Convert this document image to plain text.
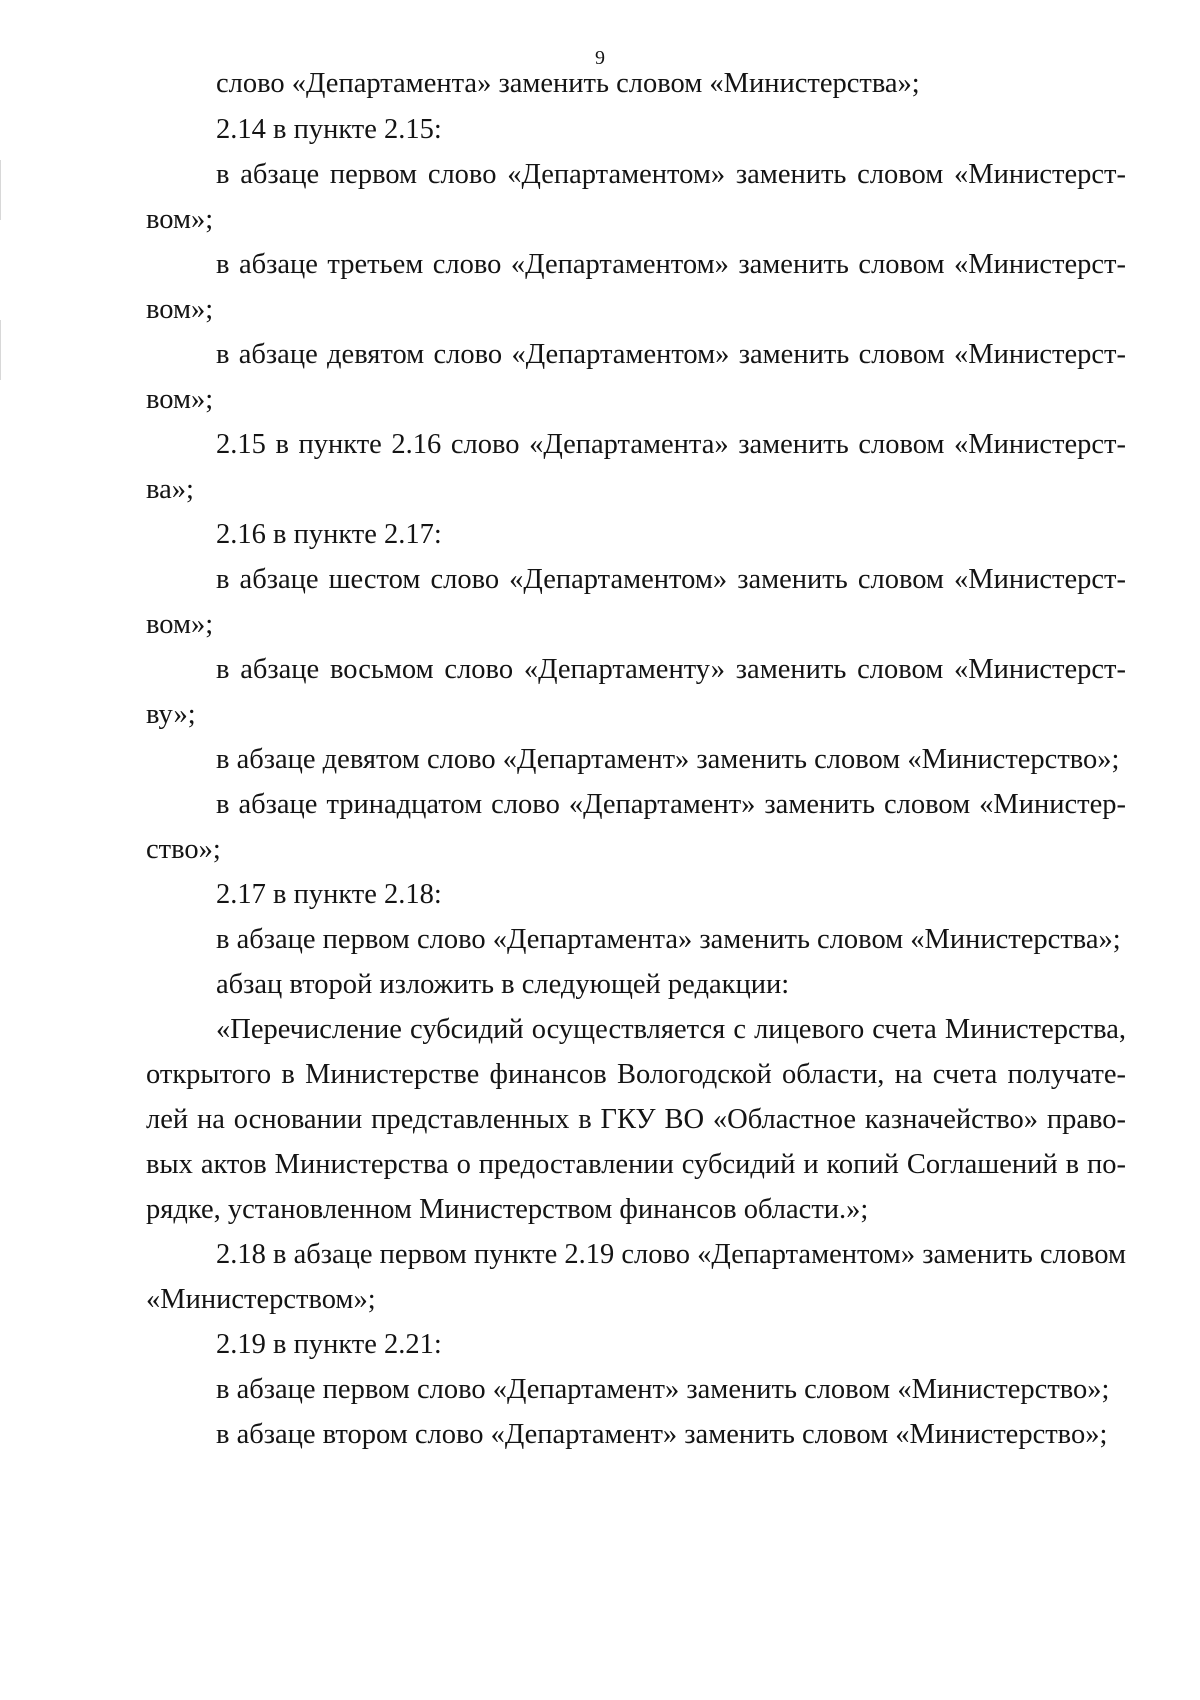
9
слово «Департамента» заменить словом «Министерства»;
2.14 в пункте 2.15:
в абзаце первом слово «Департаментом» заменить словом «Министерст-
вом»;
в абзаце третьем слово «Департаментом» заменить словом «Министерст-
вом»;
в абзаце девятом слово «Департаментом» заменить словом «Министерст-
вом»;
2.15 в пункте 2.16 слово «Департамента» заменить словом «Министерст-
ва»;
2.16 в пункте 2.17:
в абзаце шестом слово «Департаментом» заменить словом «Министерст-
вом»;
в абзаце восьмом слово «Департаменту» заменить словом «Министерст-
ву»;
в абзаце девятом слово «Департамент» заменить словом «Министерство»;
в абзаце тринадцатом слово «Департамент» заменить словом «Министер-
ство»;
2.17 в пункте 2.18:
в абзаце первом слово «Департамента» заменить словом «Министерства»;
абзац второй изложить в следующей редакции:
«Перечисление субсидий осуществляется с лицевого счета Министерства,
открытого в Министерстве финансов Вологодской области, на счета получате-
лей на основании представленных в ГКУ ВО «Областное казначейство» право-
вых актов Министерства о предоставлении субсидий и копий Соглашений в по-
рядке, установленном Министерством финансов области.»;
2.18 в абзаце первом пункте 2.19 слово «Департаментом» заменить словом
«Министерством»;
2.19 в пункте 2.21:
в абзаце первом слово «Департамент» заменить словом «Министерство»;
в абзаце втором слово «Департамент» заменить словом «Министерство»;
